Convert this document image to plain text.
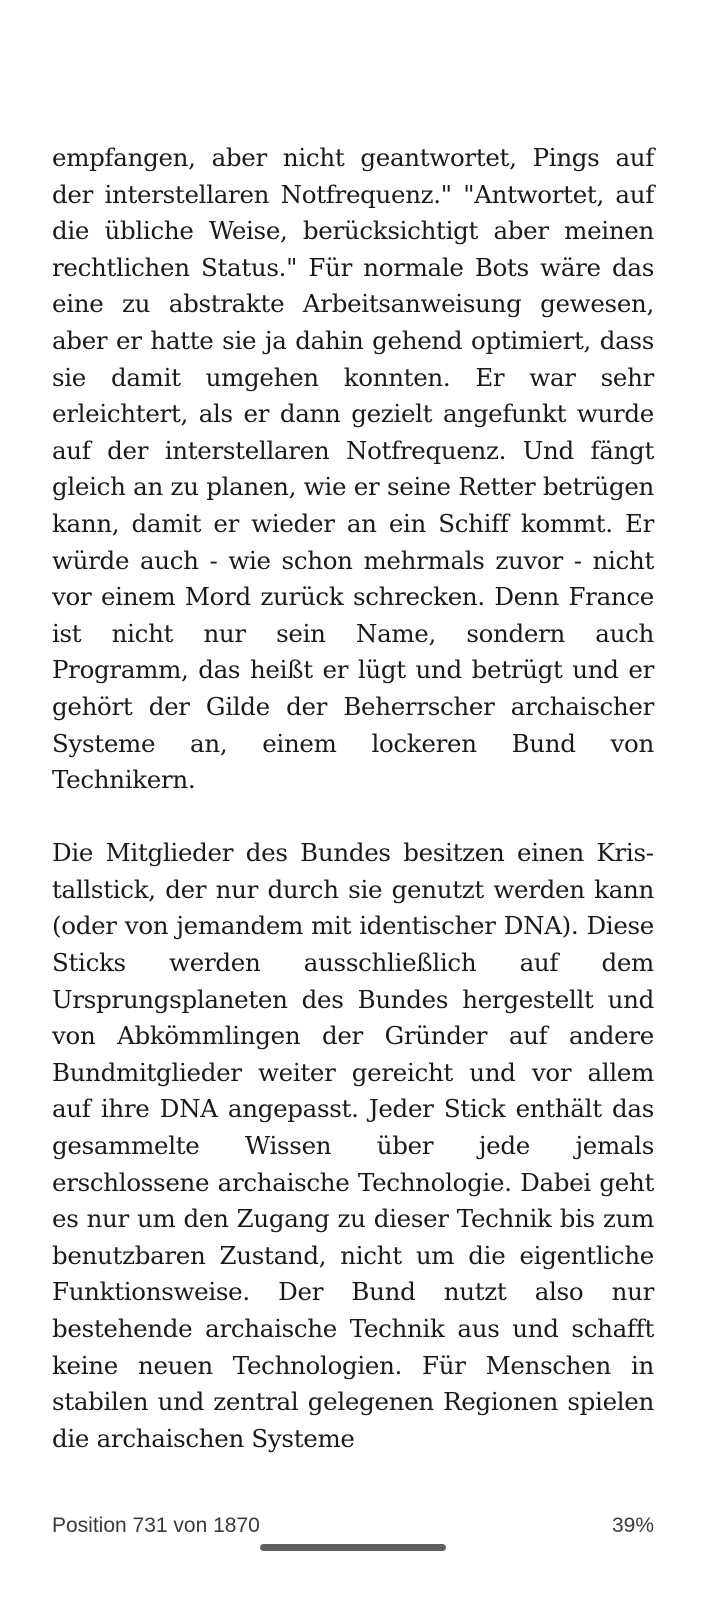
empfangen, aber nicht geantwortet, Pings auf der interstellaren Notfrequenz." "Antwortet, auf die übliche Weise, berücksichtigt aber meinen rechtlichen Status." Für normale Bots wäre das eine zu abstrakte Arbeitsanweisung gewesen, aber er hatte sie ja dahin gehend optimiert, dass sie damit umgehen konnten. Er war sehr erleichtert, als er dann gezielt angefunkt wurde auf der interstellaren Notfrequenz. Und fängt gleich an zu planen, wie er seine Retter betrügen kann, damit er wieder an ein Schiff kommt. Er würde auch - wie schon mehrmals zuvor - nicht vor einem Mord zurück schrecken. Denn France ist nicht nur sein Name, sondern auch Programm, das heißt er lügt und betrügt und er gehört der Gilde der Beherrscher archaischer Systeme an, einem lockeren Bund von Technikern.

Die Mitglieder des Bundes besitzen einen Kristallstick, der nur durch sie genutzt werden kann (oder von jemandem mit identischer DNA). Diese Sticks werden ausschließlich auf dem Ursprungsplaneten des Bundes hergestellt und von Abkömmlingen der Gründer auf andere Bundmitglieder weiter gereicht und vor allem auf ihre DNA angepasst. Jeder Stick enthält das gesammelte Wissen über jede jemals erschlossene archaische Technologie. Dabei geht es nur um den Zugang zu dieser Technik bis zum benutzbaren Zustand, nicht um die eigentliche Funktionsweise. Der Bund nutzt also nur bestehende archaische Technik aus und schafft keine neuen Technologien. Für Menschen in stabilen und zentral gelegenen Regionen spielen die archaischen Systeme

Position 731 von 1870	39%
